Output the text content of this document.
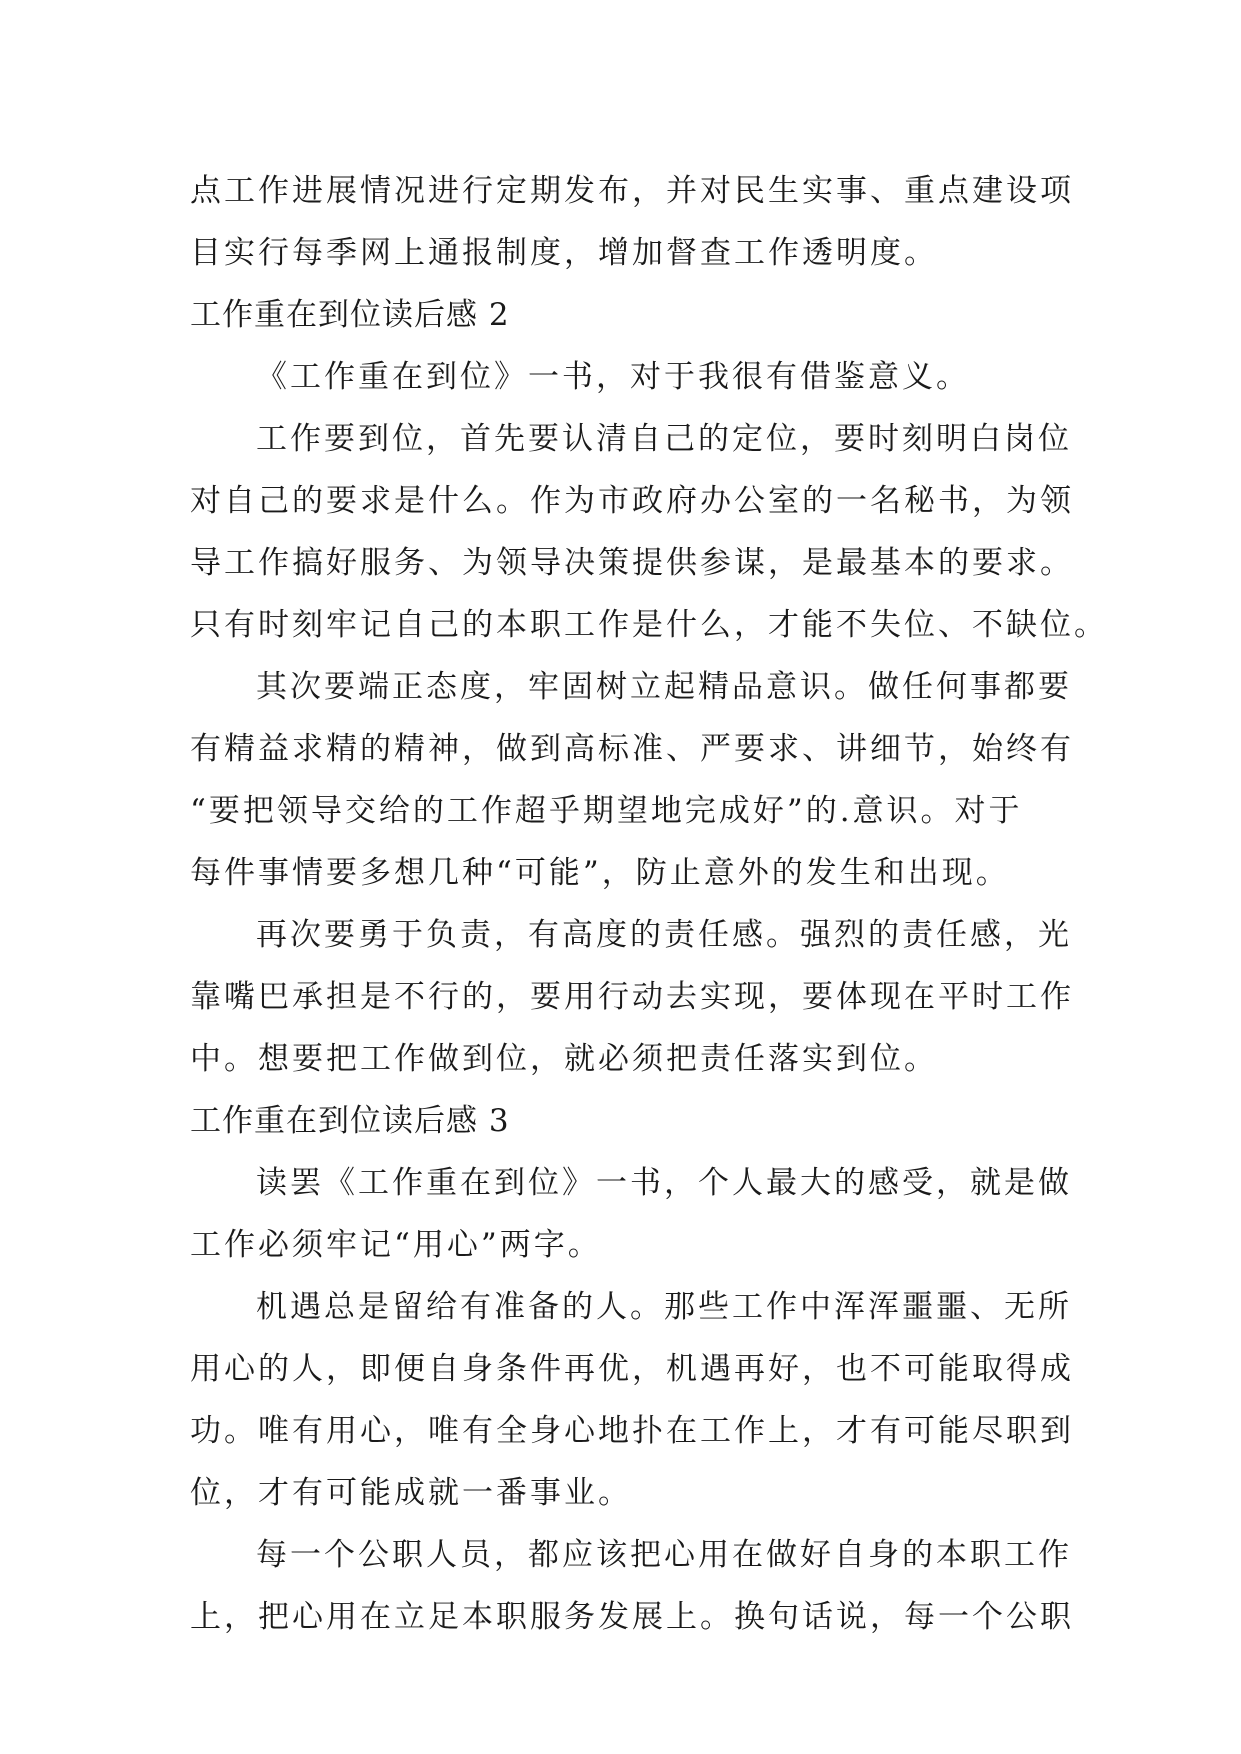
点工作进展情况进行定期发布，并对民生实事、重点建设项
目实行每季网上通报制度，增加督查工作透明度。
工作重在到位读后感 2
《工作重在到位》一书，对于我很有借鉴意义。
工作要到位，首先要认清自己的定位，要时刻明白岗位
对自己的要求是什么。作为市政府办公室的一名秘书，为领
导工作搞好服务、为领导决策提供参谋，是最基本的要求。
只有时刻牢记自己的本职工作是什么，才能不失位、不缺位。
其次要端正态度，牢固树立起精品意识。做任何事都要
有精益求精的精神，做到高标准、严要求、讲细节，始终有
“要把领导交给的工作超乎期望地完成好”的.意识。对于
每件事情要多想几种“可能”，防止意外的发生和出现。
再次要勇于负责，有高度的责任感。强烈的责任感，光
靠嘴巴承担是不行的，要用行动去实现，要体现在平时工作
中。想要把工作做到位，就必须把责任落实到位。
工作重在到位读后感 3
读罢《工作重在到位》一书，个人最大的感受，就是做
工作必须牢记“用心”两字。
机遇总是留给有准备的人。那些工作中浑浑噩噩、无所
用心的人，即便自身条件再优，机遇再好，也不可能取得成
功。唯有用心，唯有全身心地扑在工作上，才有可能尽职到
位，才有可能成就一番事业。
每一个公职人员，都应该把心用在做好自身的本职工作
上，把心用在立足本职服务发展上。换句话说，每一个公职
